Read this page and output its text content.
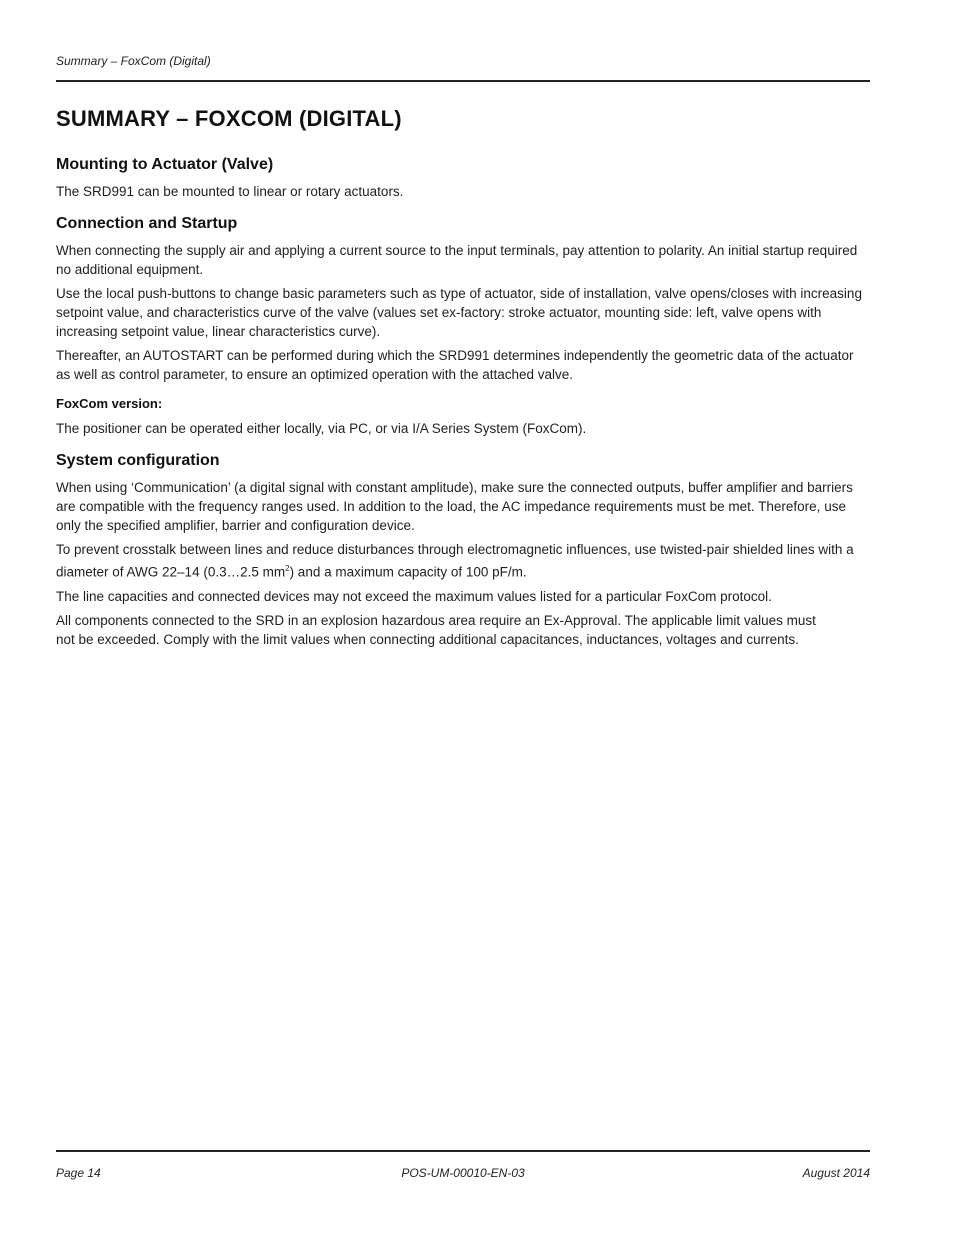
Summary – FoxCom (Digital)
SUMMARY – FOXCOM (DIGITAL)
Mounting to Actuator (Valve)

The SRD991 can be mounted to linear or rotary actuators.

Connection and Startup

When connecting the supply air and applying a current source to the input terminals, pay attention to polarity. An initial startup required no additional equipment.

Use the local push-buttons to change basic parameters such as type of actuator, side of installation, valve opens/closes with increasing setpoint value, and characteristics curve of the valve (values set ex-factory: stroke actuator, mounting side: left, valve opens with increasing setpoint value, linear characteristics curve).

Thereafter, an AUTOSTART can be performed during which the SRD991 determines independently the geometric data of the actuator as well as control parameter, to ensure an optimized operation with the attached valve.

FoxCom version:

The positioner can be operated either locally, via PC, or via I/A Series System (FoxCom).

System configuration

When using ‘Communication’ (a digital signal with constant amplitude), make sure the connected outputs, buffer amplifier and barriers are compatible with the frequency ranges used. In addition to the load, the AC impedance requirements must be met. Therefore, use only the specified amplifier, barrier and configuration device.

To prevent crosstalk between lines and reduce disturbances through electromagnetic influences, use twisted-pair shielded lines with a diameter of AWG 22–14 (0.3…2.5 $mm^2$) and a maximum capacity of 100 pF/m.

The line capacities and connected devices may not exceed the maximum values listed for a particular FoxCom protocol.

All components connected to the SRD in an explosion hazardous area require an Ex-Approval. The applicable limit values must not be exceeded. Comply with the limit values when connecting additional capacitances, inductances, voltages and currents.

Page 14	POS-UM-00010-EN-03	August 2014
